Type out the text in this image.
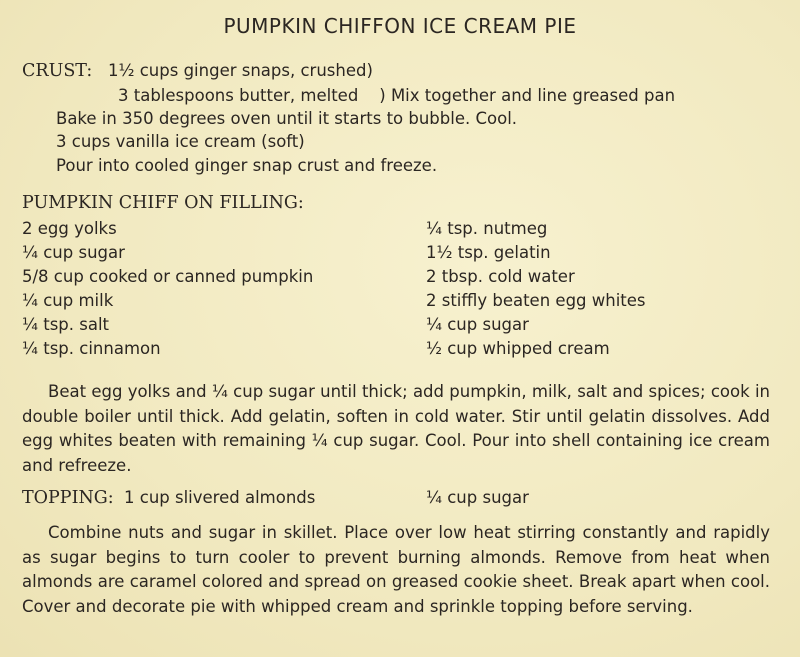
PUMPKIN CHIFFON ICE CREAM PIE
CRUST: 1½ cups ginger snaps, crushed)
3 tablespoons butter, melted    ) Mix together and line greased pan
Bake in 350 degrees oven until it starts to bubble. Cool.
3 cups vanilla ice cream (soft)
Pour into cooled ginger snap crust and freeze.
PUMPKIN CHIFF ON FILLING:
2 egg yolks
¼ cup sugar
5/8 cup cooked or canned pumpkin
¼ cup milk
¼ tsp. salt
¼ tsp. cinnamon
¼ tsp. nutmeg
1½ tsp. gelatin
2 tbsp. cold water
2 stiffly beaten egg whites
¼ cup sugar
½ cup whipped cream

Beat egg yolks and ¼ cup sugar until thick; add pumpkin, milk, salt and spices; cook in double boiler until thick. Add gelatin, soften in cold water. Stir until gelatin dissolves. Add egg whites beaten with remaining ¼ cup sugar. Cool. Pour into shell containing ice cream and refreeze.

TOPPING: 1 cup slivered almonds	¼ cup sugar

Combine nuts and sugar in skillet. Place over low heat stirring constantly and rapidly as sugar begins to turn cooler to prevent burning almonds. Remove from heat when almonds are caramel colored and spread on greased cookie sheet. Break apart when cool. Cover and decorate pie with whipped cream and sprinkle topping before serving.
